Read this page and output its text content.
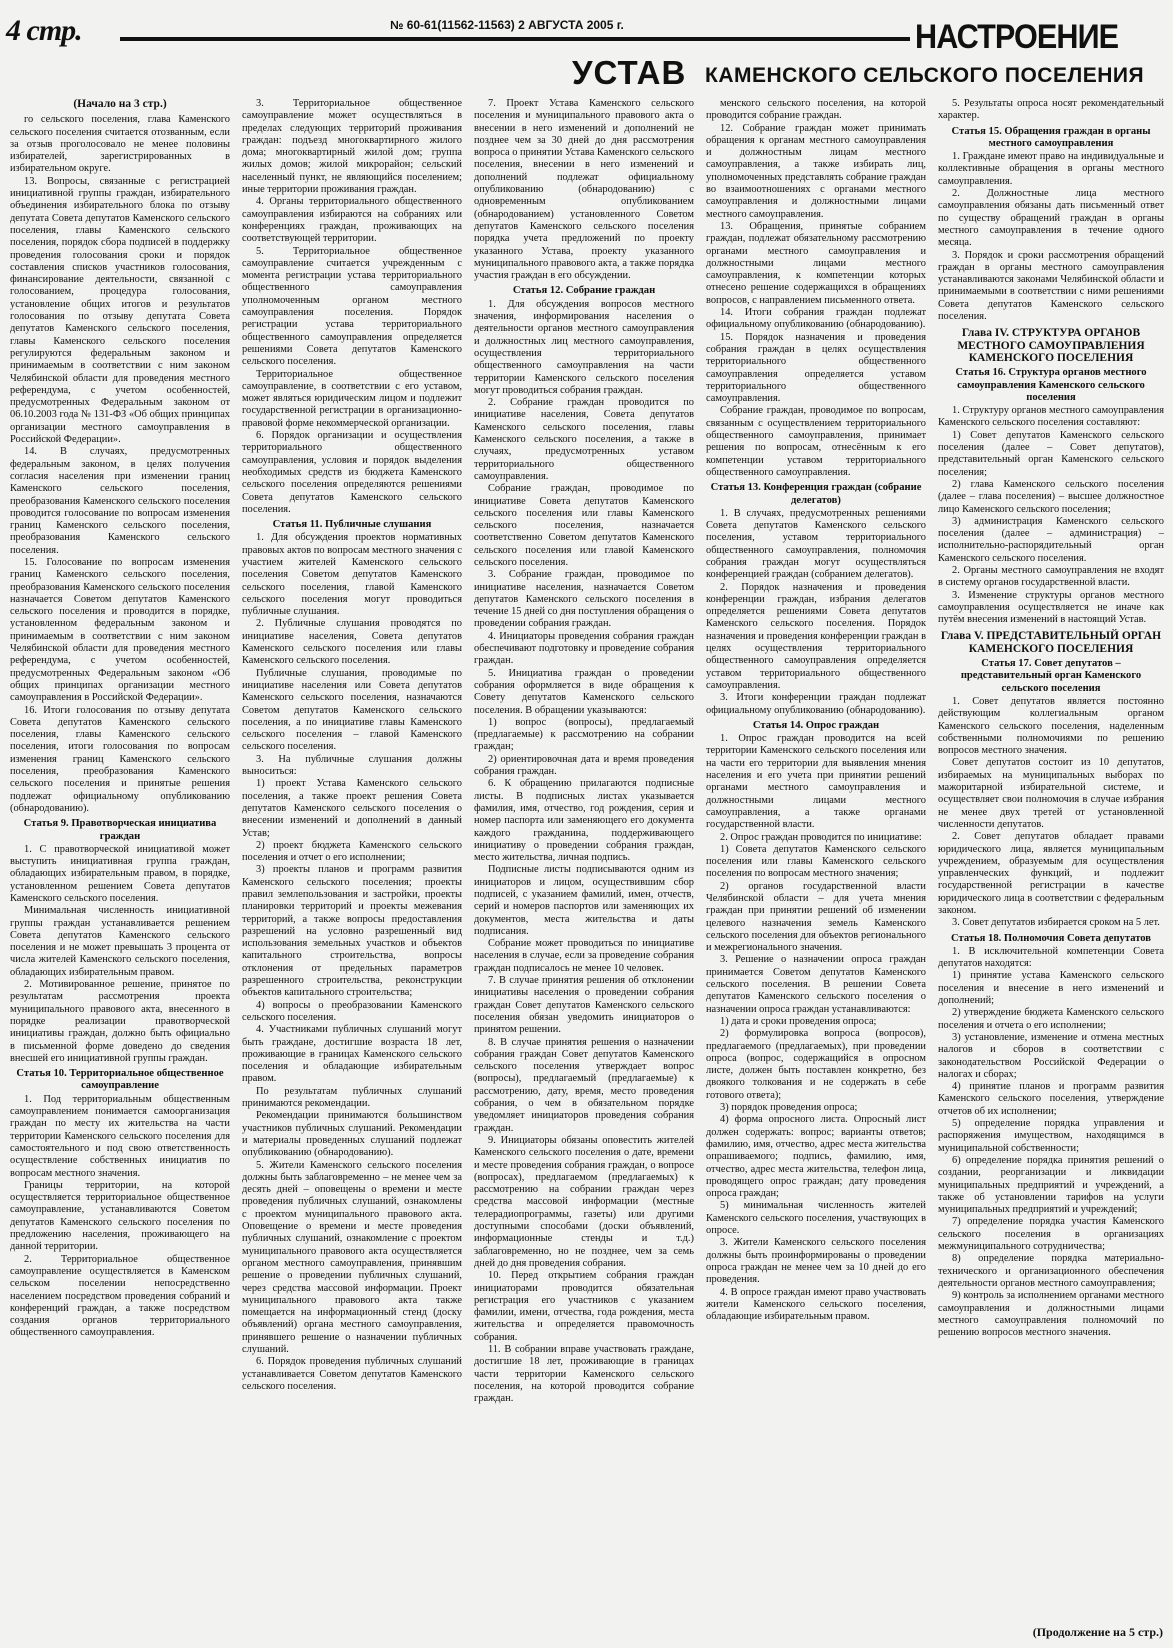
4 стр.	№ 60-61(11562-11563) 2 АВГУСТА 2005 г.	НАСТРОЕНИЕ
УСТАВ КАМЕНСКОГО СЕЛЬСКОГО ПОСЕЛЕНИЯ

(Начало на 3 стр.)

го сельского поселения, глава Каменского сельского поселения считается отозванным, если за отзыв проголосовало не менее половины избирателей, зарегистрированных в избирательном округе.

13. Вопросы, связанные с регистрацией инициативной группы граждан, избирательного объединения избирательного блока по отзыву депутата Совета депутатов Каменского сельского поселения, главы Каменского сельского поселения, порядок сбора подписей в поддержку проведения голосования сроки и порядок составления списков участников голосования, финансирование деятельности, связанной с голосованием, процедура голосования, установление общих итогов и результатов голосования по отзыву депутата Совета депутатов Каменского сельского поселения, главы Каменского сельского поселения регулируются федеральным законом и принимаемым в соответствии с ним законом Челябинской области для проведения местного референдума, с учетом особенностей, предусмотренных Федеральным законом от 06.10.2003 года № 131-ФЗ «Об общих принципах организации местного самоуправления в Российской Федерации».

14. В случаях, предусмотренных федеральным законом, в целях получения согласия населения при изменении границ Каменского сельского поселения, преобразования Каменского сельского поселения проводится голосование по вопросам изменения границ Каменского сельского поселения, преобразования Каменского сельского поселения.

15. Голосование по вопросам изменения границ Каменского сельского поселения, преобразования Каменского сельского поселения назначается Советом депутатов Каменского сельского поселения и проводится в порядке, установленном федеральным законом и принимаемым в соответствии с ним законом Челябинской области для проведения местного референдума, с учетом особенностей, предусмотренных Федеральным законом «Об общих принципах организации местного самоуправления в Российской Федерации».

16. Итоги голосования по отзыву депутата Совета депутатов Каменского сельского поселения, главы Каменского сельского поселения, итоги голосования по вопросам изменения границ Каменского сельского поселения, преобразования Каменского сельского поселения и принятые решения подлежат официальному опубликованию (обнародованию).

Статья 9. Правотворческая инициатива граждан

1. С правотворческой инициативой может выступить инициативная группа граждан, обладающих избирательным правом, в порядке, установленном решением Совета депутатов Каменского сельского поселения.

Минимальная численность инициативной группы граждан устанавливается решением Совета депутатов Каменского сельского поселения и не может превышать 3 процента от числа жителей Каменского сельского поселения, обладающих избирательным правом.

2. Мотивированное решение, принятое по результатам рассмотрения проекта муниципального правового акта, внесенного в порядке реализации правотворческой инициативы граждан, должно быть официально в письменной форме доведено до сведения внесшей его инициативной группы граждан.

Статья 10. Территориальное общественное самоуправление

1. Под территориальным общественным самоуправлением понимается самоорганизация граждан по месту их жительства на части территории Каменского сельского поселения для самостоятельного и под свою ответственность осуществление собственных инициатив по вопросам местного значения.

Границы территории, на которой осуществляется территориальное общественное самоуправление, устанавливаются Советом депутатов Каменского сельского поселения по предложению населения, проживающего на данной территории.

2. Территориальное общественное самоуправление осуществляется в Каменском сельском поселении непосредственно населением посредством проведения собраний и конференций граждан, а также посредством создания органов территориального общественного самоуправления.

3. Территориальное общественное самоуправление может осуществляться в пределах следующих территорий проживания граждан: подъезд многоквартирного жилого дома; многоквартирный жилой дом; группа жилых домов; жилой микрорайон; сельский населенный пункт, не являющийся поселением; иные территории проживания граждан.

4. Органы территориального общественного самоуправления избираются на собраниях или конференциях граждан, проживающих на соответствующей территории.

5. Территориальное общественное самоуправление считается учрежденным с момента регистрации устава территориального общественного самоуправления уполномоченным органом местного самоуправления поселения. Порядок регистрации устава территориального общественного самоуправления определяется решениями Совета депутатов Каменского сельского поселения.

Территориальное общественное самоуправление, в соответствии с его уставом, может являться юридическим лицом и подлежит государственной регистрации в организационно-правовой форме некоммерческой организации.

6. Порядок организации и осуществления территориального общественного самоуправления, условия и порядок выделения необходимых средств из бюджета Каменского сельского поселения определяются решениями Совета депутатов Каменского сельского поселения.

Статья 11. Публичные слушания

1. Для обсуждения проектов нормативных правовых актов по вопросам местного значения с участием жителей Каменского сельского поселения Советом депутатов Каменского сельского поселения, главой Каменского сельского поселения могут проводиться публичные слушания.

2. Публичные слушания проводятся по инициативе населения, Совета депутатов Каменского сельского поселения или главы Каменского сельского поселения.

Публичные слушания, проводимые по инициативе населения или Совета депутатов Каменского сельского поселения, назначаются Советом депутатов Каменского сельского поселения, а по инициативе главы Каменского сельского поселения – главой Каменского сельского поселения.

3. На публичные слушания должны выноситься:

1) проект Устава Каменского сельского поселения, а также проект решения Совета депутатов Каменского сельского поселения о внесении изменений и дополнений в данный Устав;

2) проект бюджета Каменского сельского поселения и отчет о его исполнении;

3) проекты планов и программ развития Каменского сельского поселения; проекты правил землепользования и застройки, проекты планировки территорий и проекты межевания территорий, а также вопросы предоставления разрешений на условно разрешенный вид использования земельных участков и объектов капитального строительства, вопросы отклонения от предельных параметров разрешенного строительства, реконструкции объектов капитального строительства;

4) вопросы о преобразовании Каменского сельского поселения.

4. Участниками публичных слушаний могут быть граждане, достигшие возраста 18 лет, проживающие в границах Каменского сельского поселения и обладающие избирательным правом.

По результатам публичных слушаний принимаются рекомендации.

Рекомендации принимаются большинством участников публичных слушаний. Рекомендации и материалы проведенных слушаний подлежат опубликованию (обнародованию).

5. Жители Каменского сельского поселения должны быть заблаговременно – не менее чем за десять дней – оповещены о времени и месте проведения публичных слушаний, ознакомлены с проектом муниципального правового акта. Оповещение о времени и месте проведения публичных слушаний, ознакомление с проектом муниципального правового акта осуществляется органом местного самоуправления, принявшим решение о проведении публичных слушаний, через средства массовой информации. Проект муниципального правового акта также помещается на информационный стенд (доску объявлений) органа местного самоуправления, принявшего решение о назначении публичных слушаний.

6. Порядок проведения публичных слушаний устанавливается Советом депутатов Каменского сельского поселения.

7. Проект Устава Каменского сельского поселения и муниципального правового акта о внесении в него изменений и дополнений не позднее чем за 30 дней до дня рассмотрения вопроса о принятии Устава Каменского сельского поселения, внесении в него изменений и дополнений подлежат официальному опубликованию (обнародованию) с одновременным опубликованием (обнародованием) установленного Советом депутатов Каменского сельского поселения порядка учета предложений по проекту указанного Устава, проекту указанного муниципального правового акта, а также порядка участия граждан в его обсуждении.

Статья 12. Собрание граждан

1. Для обсуждения вопросов местного значения, информирования населения о деятельности органов местного самоуправления и должностных лиц местного самоуправления, осуществления территориального общественного самоуправления на части территории Каменского сельского поселения могут проводиться собрания граждан.

2. Собрание граждан проводится по инициативе населения, Совета депутатов Каменского сельского поселения, главы Каменского сельского поселения, а также в случаях, предусмотренных уставом территориального общественного самоуправления.

Собрание граждан, проводимое по инициативе Совета депутатов Каменского сельского поселения или главы Каменского сельского поселения, назначается соответственно Советом депутатов Каменского сельского поселения или главой Каменского сельского поселения.

3. Собрание граждан, проводимое по инициативе населения, назначается Советом депутатов Каменского сельского поселения в течение 15 дней со дня поступления обращения о проведении собрания граждан.

4. Инициаторы проведения собрания граждан обеспечивают подготовку и проведение собрания граждан.

5. Инициатива граждан о проведении собрания оформляется в виде обращения к Совету депутатов Каменского сельского поселения. В обращении указываются:

1) вопрос (вопросы), предлагаемый (предлагаемые) к рассмотрению на собрании граждан;

2) ориентировочная дата и время проведения собрания граждан.

6. К обращению прилагаются подписные листы. В подписных листах указывается фамилия, имя, отчество, год рождения, серия и номер паспорта или заменяющего его документа каждого гражданина, поддерживающего инициативу о проведении собрания граждан, место жительства, личная подпись.

Подписные листы подписываются одним из инициаторов и лицом, осуществившим сбор подписей, с указанием фамилий, имен, отчеств, серий и номеров паспортов или заменяющих их документов, места жительства и даты подписания.

Собрание может проводиться по инициативе населения в случае, если за проведение собрания граждан подписалось не менее 10 человек.

7. В случае принятия решения об отклонении инициативы населения о проведении собрания граждан Совет депутатов Каменского сельского поселения обязан уведомить инициаторов о принятом решении.

8. В случае принятия решения о назначении собрания граждан Совет депутатов Каменского сельского поселения утверждает вопрос (вопросы), предлагаемый (предлагаемые) к рассмотрению, дату, время, место проведения собрания, о чем в обязательном порядке уведомляет инициаторов проведения собрания граждан.

9. Инициаторы обязаны оповестить жителей Каменского сельского поселения о дате, времени и месте проведения собрания граждан, о вопросе (вопросах), предлагаемом (предлагаемых) к рассмотрению на собрании граждан через средства массовой информации (местные телерадиопрограммы, газеты) или другими доступными способами (доски объявлений, информационные стенды и т.д.) заблаговременно, но не позднее, чем за семь дней до дня проведения собрания.

10. Перед открытием собрания граждан инициаторами проводится обязательная регистрация его участников с указанием фамилии, имени, отчества, года рождения, места жительства и определяется правомочность собрания.

11. В собрании вправе участвовать граждане, достигшие 18 лет, проживающие в границах части территории Каменского сельского поселения, на которой проводится собрание граждан.

менского сельского поселения, на которой проводится собрание граждан.

12. Собрание граждан может принимать обращения к органам местного самоуправления и должностным лицам местного самоуправления, а также избирать лиц, уполномоченных представлять собрание граждан во взаимоотношениях с органами местного самоуправления и должностными лицами местного самоуправления.

13. Обращения, принятые собранием граждан, подлежат обязательному рассмотрению органами местного самоуправления и должностными лицами местного самоуправления, к компетенции которых отнесено решение содержащихся в обращениях вопросов, с направлением письменного ответа.

14. Итоги собрания граждан подлежат официальному опубликованию (обнародованию).

15. Порядок назначения и проведения собрания граждан в целях осуществления территориального общественного самоуправления определяется уставом территориального общественного самоуправления.

Собрание граждан, проводимое по вопросам, связанным с осуществлением территориального общественного самоуправления, принимает решения по вопросам, отнесённым к его компетенции уставом территориального общественного самоуправления.

Статья 13. Конференция граждан (собрание делегатов)

1. В случаях, предусмотренных решениями Совета депутатов Каменского сельского поселения, уставом территориального общественного самоуправления, полномочия собрания граждан могут осуществляться конференцией граждан (собранием делегатов).

2. Порядок назначения и проведения конференции граждан, избрания делегатов определяется решениями Совета депутатов Каменского сельского поселения. Порядок назначения и проведения конференции граждан в целях осуществления территориального общественного самоуправления определяется уставом территориального общественного самоуправления.

3. Итоги конференции граждан подлежат официальному опубликованию (обнародованию).

Статья 14. Опрос граждан

1. Опрос граждан проводится на всей территории Каменского сельского поселения или на части его территории для выявления мнения населения и его учета при принятии решений органами местного самоуправления и должностными лицами местного самоуправления, а также органами государственной власти.

2. Опрос граждан проводится по инициативе:

1) Совета депутатов Каменского сельского поселения или главы Каменского сельского поселения по вопросам местного значения;

2) органов государственной власти Челябинской области – для учета мнения граждан при принятии решений об изменении целевого назначения земель Каменского сельского поселения для объектов регионального и межрегионального значения.

3. Решение о назначении опроса граждан принимается Советом депутатов Каменского сельского поселения. В решении Совета депутатов Каменского сельского поселения о назначении опроса граждан устанавливаются:

1) дата и сроки проведения опроса;

2) формулировка вопроса (вопросов), предлагаемого (предлагаемых), при проведении опроса (вопрос, содержащийся в опросном листе, должен быть поставлен конкретно, без двоякого толкования и не содержать в себе готового ответа);

3) порядок проведения опроса;

4) форма опросного листа. Опросный лист должен содержать: вопрос; варианты ответов; фамилию, имя, отчество, адрес места жительства опрашиваемого; подпись, фамилию, имя, отчество, адрес места жительства, телефон лица, проводящего опрос граждан; дату проведения опроса граждан;

5) минимальная численность жителей Каменского сельского поселения, участвующих в опросе.

3. Жители Каменского сельского поселения должны быть проинформированы о проведении опроса граждан не менее чем за 10 дней до его проведения.

4. В опросе граждан имеют право участвовать жители Каменского сельского поселения, обладающие избирательным правом.

5. Результаты опроса носят рекомендательный характер.

Статья 15. Обращения граждан в органы местного самоуправления

1. Граждане имеют право на индивидуальные и коллективные обращения в органы местного самоуправления.

2. Должностные лица местного самоуправления обязаны дать письменный ответ по существу обращений граждан в органы местного самоуправления в течение одного месяца.

3. Порядок и сроки рассмотрения обращений граждан в органы местного самоуправления устанавливаются законами Челябинской области и принимаемыми в соответствии с ними решениями Совета депутатов Каменского сельского поселения.

Глава IV. СТРУКТУРА ОРГАНОВ МЕСТНОГО САМОУПРАВЛЕНИЯ КАМЕНСКОГО ПОСЕЛЕНИЯ
Статья 16. Структура органов местного самоуправления Каменского сельского поселения

1. Структуру органов местного самоуправления Каменского сельского поселения составляют:

1) Совет депутатов Каменского сельского поселения (далее – Совет депутатов), представительный орган Каменского сельского поселения;

2) глава Каменского сельского поселения (далее – глава поселения) – высшее должностное лицо Каменского сельского поселения;

3) администрация Каменского сельского поселения (далее – администрация) – исполнительно-распорядительный орган Каменского сельского поселения.

2. Органы местного самоуправления не входят в систему органов государственной власти.

3. Изменение структуры органов местного самоуправления осуществляется не иначе как путём внесения изменений в настоящий Устав.

Глава V. ПРЕДСТАВИТЕЛЬНЫЙ ОРГАН КАМЕНСКОГО ПОСЕЛЕНИЯ
Статья 17. Совет депутатов – представительный орган Каменского сельского поселения

1. Совет депутатов является постоянно действующим коллегиальным органом Каменского сельского поселения, наделенным собственными полномочиями по решению вопросов местного значения.

Совет депутатов состоит из 10 депутатов, избираемых на муниципальных выборах по мажоритарной избирательной системе, и осуществляет свои полномочия в случае избрания не менее двух третей от установленной численности депутатов.

2. Совет депутатов обладает правами юридического лица, является муниципальным учреждением, образуемым для осуществления управленческих функций, и подлежит государственной регистрации в качестве юридического лица в соответствии с федеральным законом.

3. Совет депутатов избирается сроком на 5 лет.

Статья 18. Полномочия Совета депутатов

1. В исключительной компетенции Совета депутатов находятся:

1) принятие устава Каменского сельского поселения и внесение в него изменений и дополнений;

2) утверждение бюджета Каменского сельского поселения и отчета о его исполнении;

3) установление, изменение и отмена местных налогов и сборов в соответствии с законодательством Российской Федерации о налогах и сборах;

4) принятие планов и программ развития Каменского сельского поселения, утверждение отчетов об их исполнении;

5) определение порядка управления и распоряжения имуществом, находящимся в муниципальной собственности;

6) определение порядка принятия решений о создании, реорганизации и ликвидации муниципальных предприятий и учреждений, а также об установлении тарифов на услуги муниципальных предприятий и учреждений;

7) определение порядка участия Каменского сельского поселения в организациях межмуниципального сотрудничества;

8) определение порядка материально-технического и организационного обеспечения деятельности органов местного самоуправления;

9) контроль за исполнением органами местного самоуправления и должностными лицами местного самоуправления полномочий по решению вопросов местного значения.

(Продолжение на 5 стр.)
